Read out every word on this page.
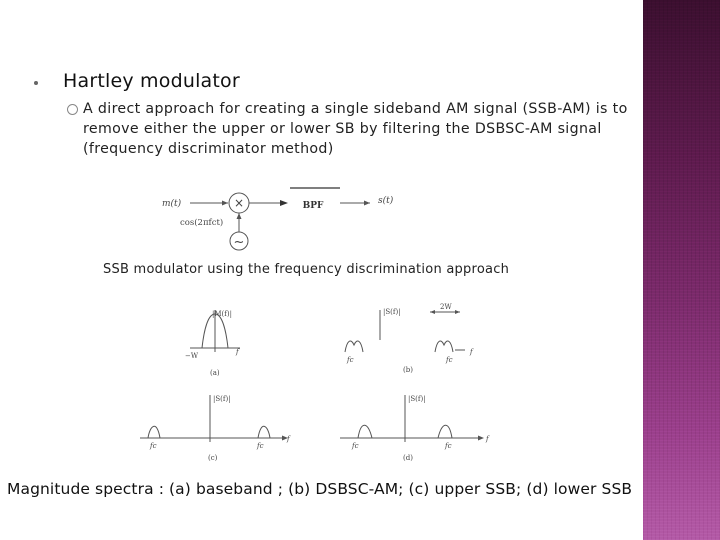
Hartley modulator
A direct approach for creating a single sideband AM signal (SSB-AM) is to remove either the upper or lower SB by filtering the DSBSC-AM signal (frequency discriminator method)
m(t)	×
cos(2πfct)
~
BPF	s(t)
SSB modulator using the frequency discrimination approach
|M(f)|
−W	f
(a)
|S(f)|
2W
fc	fc
f
(b)
|S(f)|
fc	fc
f
(c)
|S(f)|
fc	fc
f
(d)
Magnitude spectra : (a) baseband ; (b) DSBSC-AM; (c) upper SSB; (d) lower SSB
